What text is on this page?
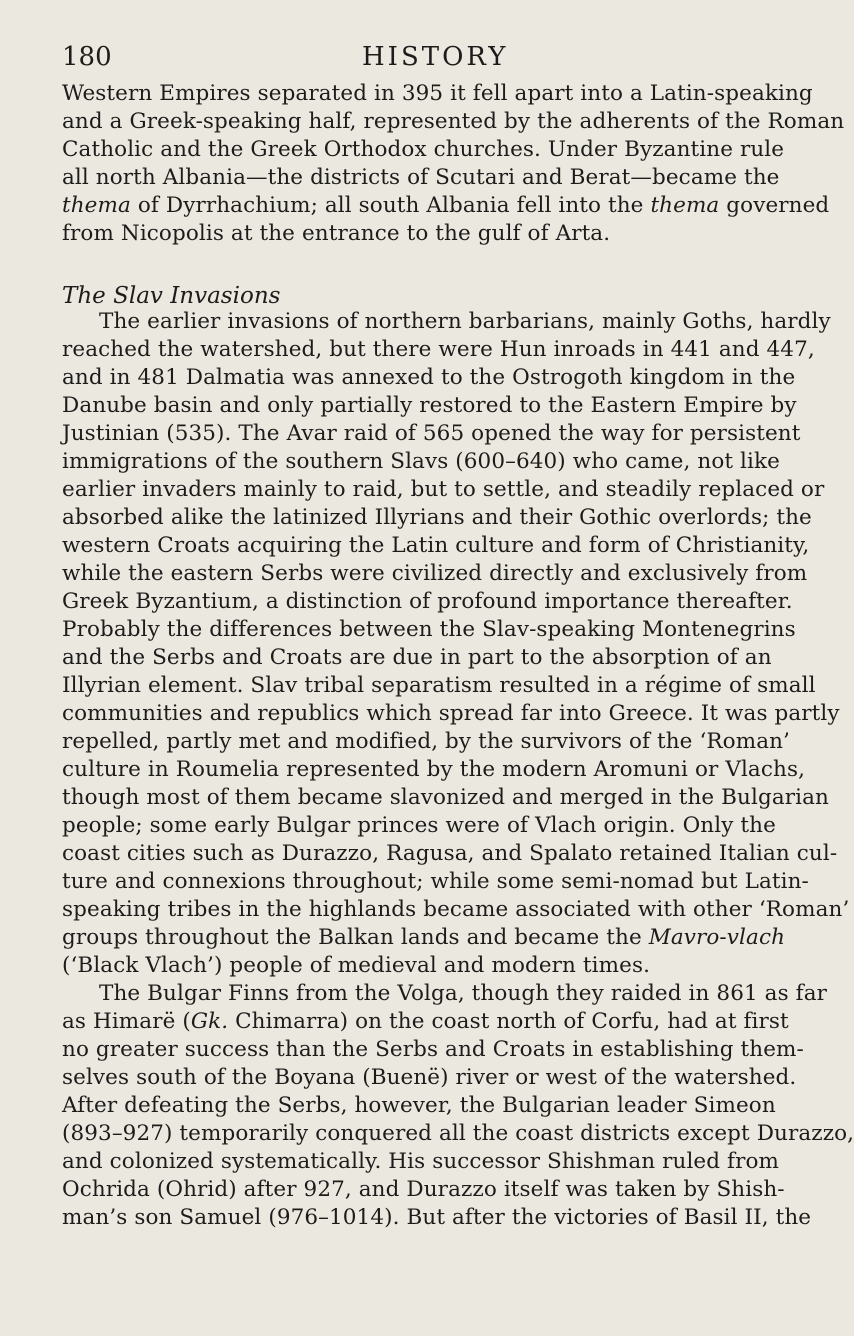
180	HISTORY
Western Empires separated in 395 it fell apart into a Latin-speaking
and a Greek-speaking half, represented by the adherents of the Roman
Catholic and the Greek Orthodox churches. Under Byzantine rule
all north Albania—the districts of Scutari and Berat—became the
thema of Dyrrhachium; all south Albania fell into the thema governed
from Nicopolis at the entrance to the gulf of Arta.
The Slav Invasions
The earlier invasions of northern barbarians, mainly Goths, hardly
reached the watershed, but there were Hun inroads in 441 and 447,
and in 481 Dalmatia was annexed to the Ostrogoth kingdom in the
Danube basin and only partially restored to the Eastern Empire by
Justinian (535). The Avar raid of 565 opened the way for persistent
immigrations of the southern Slavs (600–640) who came, not like
earlier invaders mainly to raid, but to settle, and steadily replaced or
absorbed alike the latinized Illyrians and their Gothic overlords; the
western Croats acquiring the Latin culture and form of Christianity,
while the eastern Serbs were civilized directly and exclusively from
Greek Byzantium, a distinction of profound importance thereafter.
Probably the differences between the Slav-speaking Montenegrins
and the Serbs and Croats are due in part to the absorption of an
Illyrian element. Slav tribal separatism resulted in a régime of small
communities and republics which spread far into Greece. It was partly
repelled, partly met and modified, by the survivors of the ‘Roman’
culture in Roumelia represented by the modern Aromuni or Vlachs,
though most of them became slavonized and merged in the Bulgarian
people; some early Bulgar princes were of Vlach origin. Only the
coast cities such as Durazzo, Ragusa, and Spalato retained Italian cul-
ture and connexions throughout; while some semi-nomad but Latin-
speaking tribes in the highlands became associated with other ‘Roman’
groups throughout the Balkan lands and became the Mavro-vlach
(‘Black Vlach’) people of medieval and modern times.
The Bulgar Finns from the Volga, though they raided in 861 as far
as Himarë (Gk. Chimarra) on the coast north of Corfu, had at first
no greater success than the Serbs and Croats in establishing them-
selves south of the Boyana (Buenë) river or west of the watershed.
After defeating the Serbs, however, the Bulgarian leader Simeon
(893–927) temporarily conquered all the coast districts except Durazzo,
and colonized systematically. His successor Shishman ruled from
Ochrida (Ohrid) after 927, and Durazzo itself was taken by Shish-
man’s son Samuel (976–1014). But after the victories of Basil II, the
